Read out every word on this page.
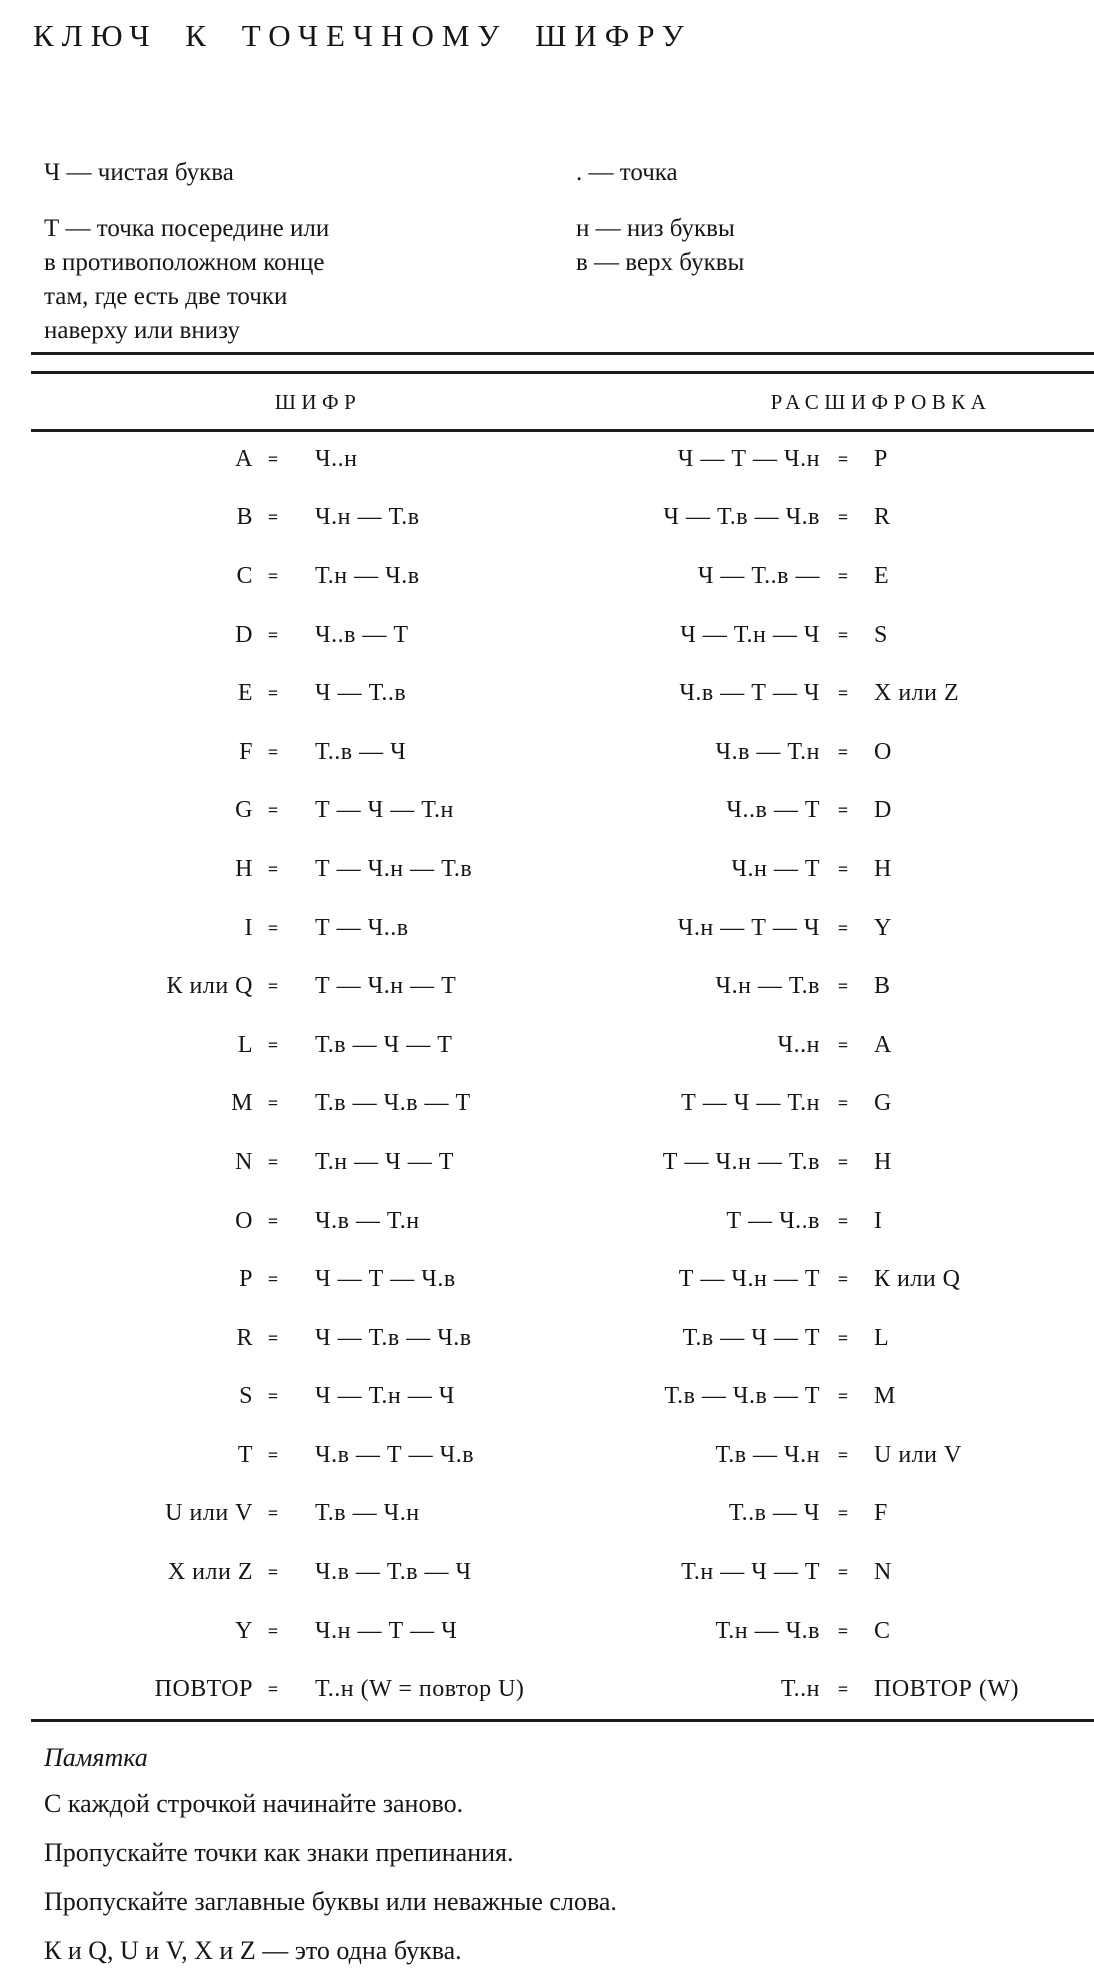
КЛЮЧ К ТОЧЕЧНОМУ ШИФРУ
Ч — чистая буква	. — точка
Т — точка посередине или
в противоположном конце
там, где есть две точки
наверху или внизу
н — низ буквы
в — верх буквы
ШИФР	РАСШИФРОВКА
A =	Ч..н	Ч — Т — Ч.н =	P
B =	Ч.н — Т.в	Ч — Т.в — Ч.в =	R
C =	Т.н — Ч.в	Ч — Т..в — =	E
D =	Ч..в — Т	Ч — Т.н — Ч =	S
E =	Ч — Т..в	Ч.в — Т — Ч =	X или Z
F =	Т..в — Ч	Ч.в — Т.н =	O
G =	Т — Ч — Т.н	Ч..в — Т =	D
H =	Т — Ч.н — Т.в	Ч.н — Т =	H
I =	Т — Ч..в	Ч.н — Т — Ч =	Y
К или Q =	Т — Ч.н — Т	Ч.н — Т.в =	B
L =	Т.в — Ч — Т	Ч..н =	A
M =	Т.в — Ч.в — Т	Т — Ч — Т.н =	G
N =	Т.н — Ч — Т	Т — Ч.н — Т.в =	H
O =	Ч.в — Т.н	Т — Ч..в =	I
P =	Ч — Т — Ч.в	Т — Ч.н — Т =	К или Q
R =	Ч — Т.в — Ч.в	Т.в — Ч — Т =	L
S =	Ч — Т.н — Ч	Т.в — Ч.в — Т =	M
T =	Ч.в — Т — Ч.в	Т.в — Ч.н =	U или V
U или V =	Т.в — Ч.н	Т..в — Ч =	F
X или Z =	Ч.в — Т.в — Ч	Т.н — Ч — Т =	N
Y =	Ч.н — Т — Ч	Т.н — Ч.в =	C
ПОВТОР =	Т..н (W = повтор U)	Т..н =	ПОВТОР (W)
Памятка
С каждой строчкой начинайте заново.
Пропускайте точки как знаки препинания.
Пропускайте заглавные буквы или неважные слова.
К и Q, U и V, X и Z — это одна буква.
